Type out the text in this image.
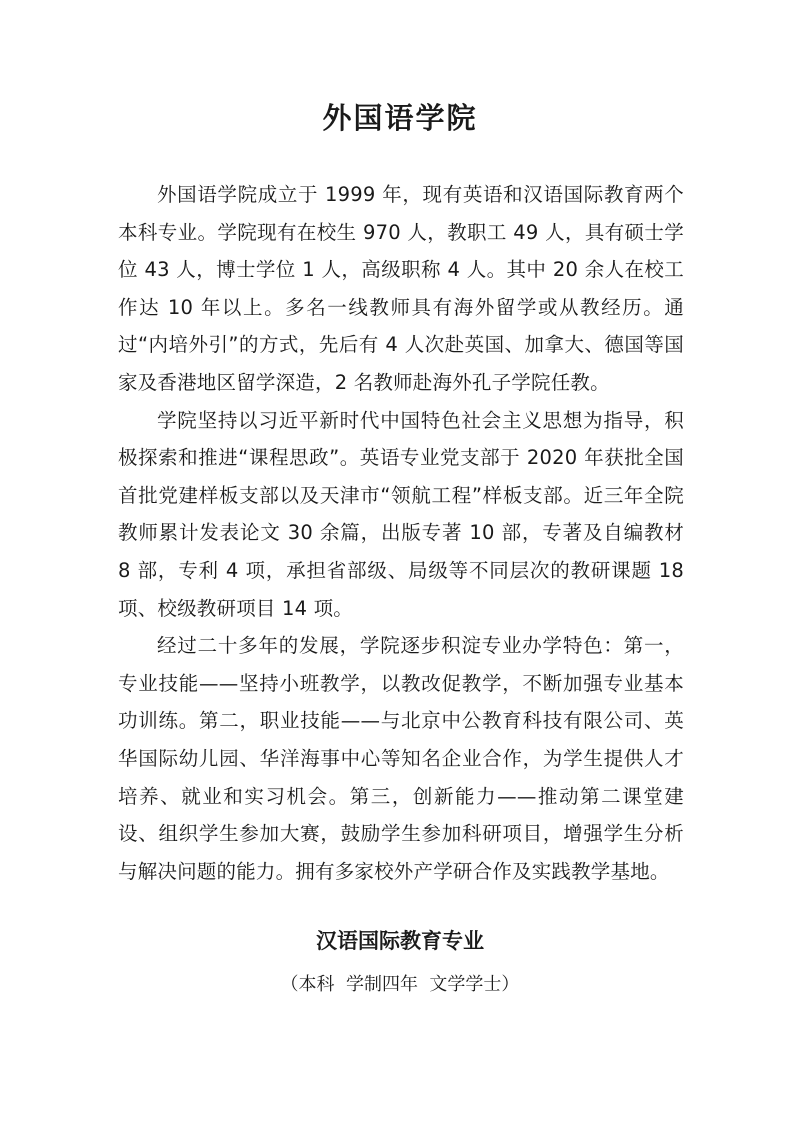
外国语学院

外国语学院成立于 1999 年，现有英语和汉语国际教育两个本科专业。学院现有在校生 970 人，教职工 49 人，具有硕士学位 43 人，博士学位 1 人，高级职称 4 人。其中 20 余人在校工作达 10 年以上。多名一线教师具有海外留学或从教经历。通过“内培外引”的方式，先后有 4 人次赴英国、加拿大、德国等国家及香港地区留学深造，2 名教师赴海外孔子学院任教。

学院坚持以习近平新时代中国特色社会主义思想为指导，积极探索和推进“课程思政”。英语专业党支部于 2020 年获批全国首批党建样板支部以及天津市“领航工程”样板支部。近三年全院教师累计发表论文 30 余篇，出版专著 10 部，专著及自编教材 8 部，专利 4 项，承担省部级、局级等不同层次的教研课题 18 项、校级教研项目 14 项。

经过二十多年的发展，学院逐步积淀专业办学特色：第一，专业技能——坚持小班教学，以教改促教学，不断加强专业基本功训练。第二，职业技能——与北京中公教育科技有限公司、英华国际幼儿园、华洋海事中心等知名企业合作，为学生提供人才培养、就业和实习机会。第三，创新能力——推动第二课堂建设、组织学生参加大赛，鼓励学生参加科研项目，增强学生分析与解决问题的能力。拥有多家校外产学研合作及实践教学基地。

汉语国际教育专业

（本科  学制四年  文学学士）
